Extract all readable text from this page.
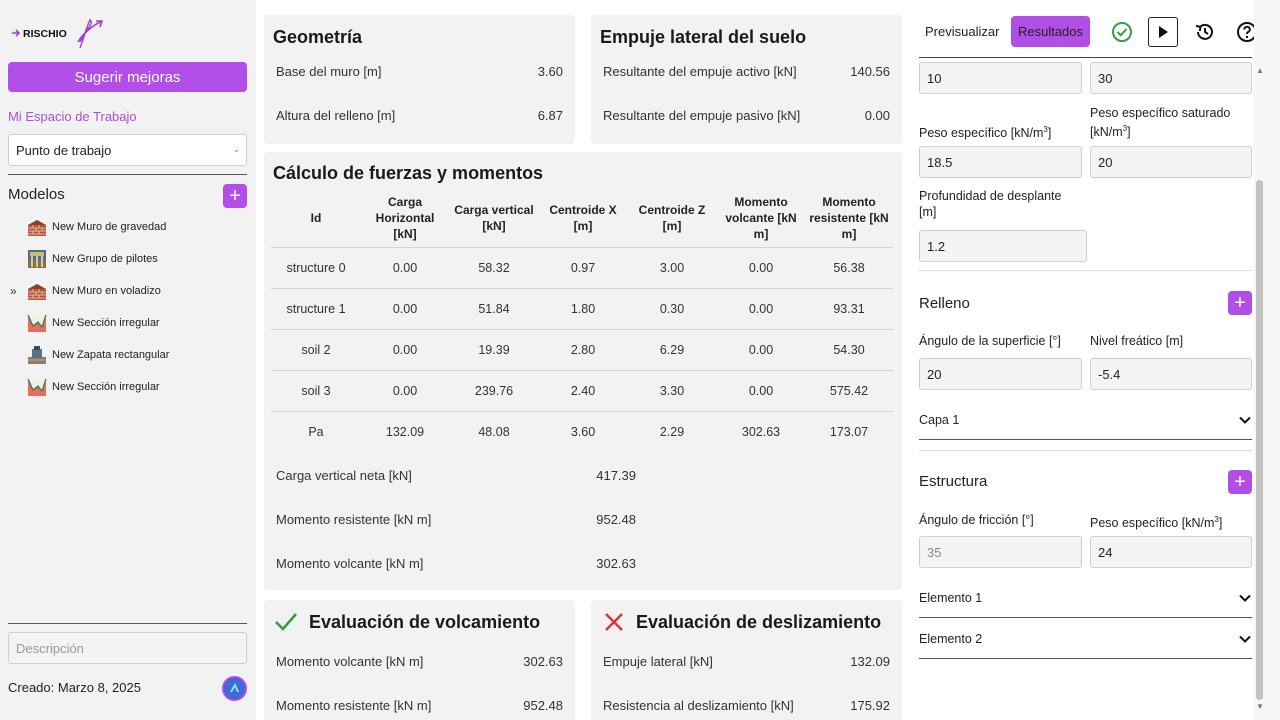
RISCHIO
Sugerir mejoras
Mi Espacio de Trabajo
Punto de trabajo	⌄
Modelos	+
New Muro de gravedad
New Grupo de pilotes
»	New Muro en voladizo
New Sección irregular
New Zapata rectangular
New Sección irregular
Descripción
Creado: Marzo 8, 2025
Geometría
Base del muro [m]	3.60
Altura del relleno [m]	6.87
Empuje lateral del suelo
Resultante del empuje activo [kN]	140.56
Resultante del empuje pasivo [kN]	0.00
Cálculo de fuerzas y momentos
Id	Carga Horizontal [kN]	Carga vertical [kN]	Centroide X [m]	Centroide Z [m]	Momento volcante [kN m]	Momento resistente [kN m]
structure 0	0.00	58.32	0.97	3.00	0.00	56.38
structure 1	0.00	51.84	1.80	0.30	0.00	93.31
soil 2	0.00	19.39	2.80	6.29	0.00	54.30
soil 3	0.00	239.76	2.40	3.30	0.00	575.42
Pa	132.09	48.08	3.60	2.29	302.63	173.07
Carga vertical neta [kN]	417.39
Momento resistente [kN m]	952.48
Momento volcante [kN m]	302.63
Evaluación de volcamiento
Momento volcante [kN m]	302.63
Momento resistente [kN m]	952.48
Evaluación de deslizamiento
Empuje lateral [kN]	132.09
Resistencia al deslizamiento [kN]	175.92
Previsualizar	Resultados
10	30
Peso específico $[kN/m^3]$
Peso específico saturado $[kN/m^3]$
18.5	20
Profundidad de desplante [m]
1.2
Relleno	+
Ángulo de la superficie [°] Nivel freático [m]
20	-5.4
Capa 1
Estructura	+
Ángulo de fricción [°]	Peso específico $[kN/m^3]$
35	24
Elemento 1
Elemento 2
▲
▼
